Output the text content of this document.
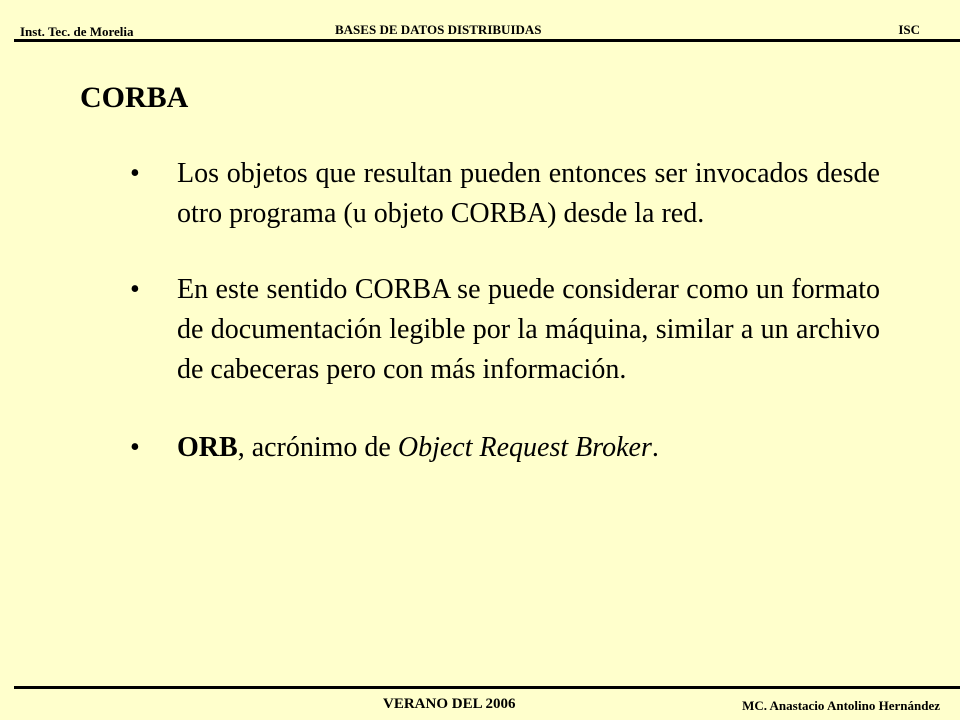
Inst. Tec. de Morelia	BASES DE DATOS DISTRIBUIDAS	ISC
CORBA
•	Los objetos que resultan pueden entonces ser invocados desde otro programa (u objeto CORBA) desde la red.
•	En este sentido CORBA se puede considerar como un formato de documentación legible por la máquina, similar a un archivo de cabeceras pero con más información.
•	ORB, acrónimo de Object Request Broker.
VERANO DEL 2006	MC. Anastacio Antolino Hernández
